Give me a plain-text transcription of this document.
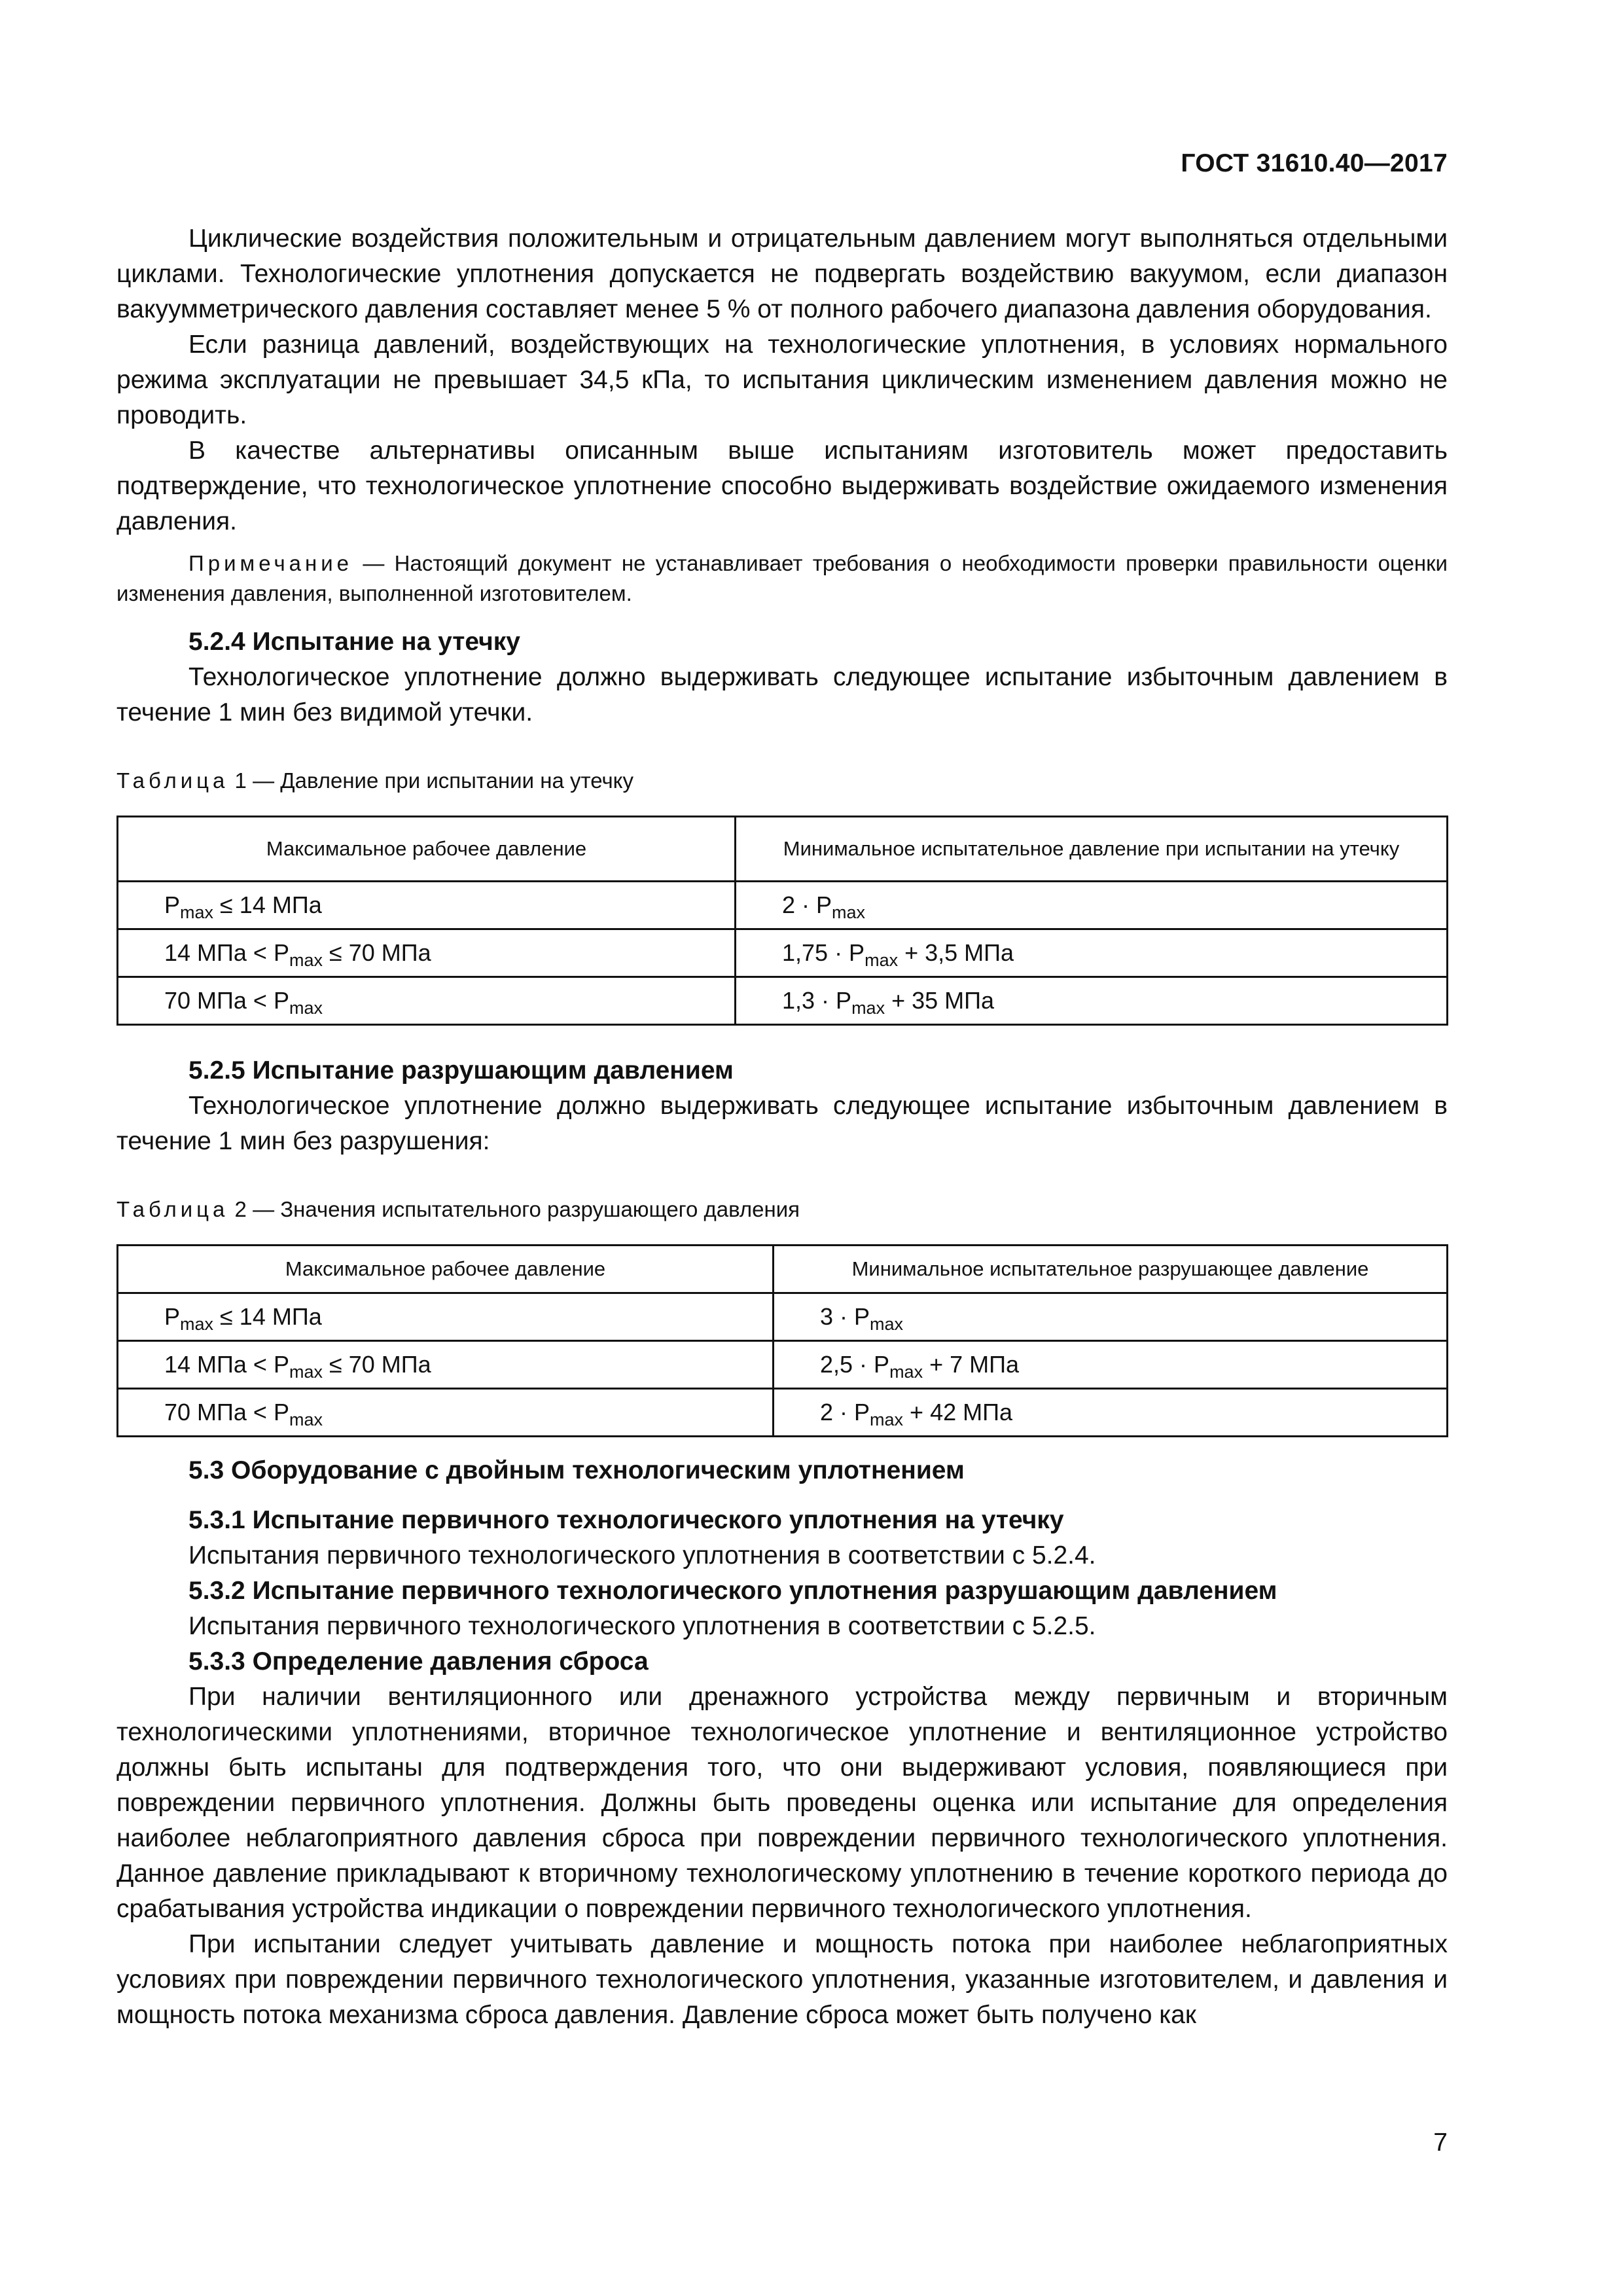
ГОСТ 31610.40—2017

Циклические воздействия положительным и отрицательным давлением могут выполняться отдельными циклами. Технологические уплотнения допускается не подвергать воздействию вакуумом, если диапазон вакуумметрического давления составляет менее 5 % от полного рабочего диапазона давления оборудования.

Если разница давлений, воздействующих на технологические уплотнения, в условиях нормального режима эксплуатации не превышает 34,5 кПа, то испытания циклическим изменением давления можно не проводить.

В качестве альтернативы описанным выше испытаниям изготовитель может предоставить подтверждение, что технологическое уплотнение способно выдерживать воздействие ожидаемого изменения давления.

Примечание — Настоящий документ не устанавливает требования о необходимости проверки правильности оценки изменения давления, выполненной изготовителем.
5.2.4 Испытание на утечку

Технологическое уплотнение должно выдерживать следующее испытание избыточным давлением в течение 1 мин без видимой утечки.

Таблица 1 — Давление при испытании на утечку
Максимальное рабочее давление	Минимальное испытательное давление при испытании на утечку
$P_{max} \le 14$ МПа	$2 \cdot P_{max}$
14 МПа < $P_{max} \le 70$ МПа	$1,75 \cdot P_{max} + 3,5$ МПа
70 МПа < $P_{max}$	$1,3 \cdot P_{max} + 35$ МПа
5.2.5 Испытание разрушающим давлением

Технологическое уплотнение должно выдерживать следующее испытание избыточным давлением в течение 1 мин без разрушения:

Таблица 2 — Значения испытательного разрушающего давления
Максимальное рабочее давление	Минимальное испытательное разрушающее давление
$P_{max} \le 14$ МПа	$3 \cdot P_{max}$
14 МПа < $P_{max} \le 70$ МПа	$2,5 \cdot P_{max} + 7$ МПа
70 МПа < $P_{max}$	$2 \cdot P_{max} + 42$ МПа
5.3 Оборудование с двойным технологическим уплотнением
5.3.1 Испытание первичного технологического уплотнения на утечку

Испытания первичного технологического уплотнения в соответствии с 5.2.4.

5.3.2 Испытание первичного технологического уплотнения разрушающим давлением

Испытания первичного технологического уплотнения в соответствии с 5.2.5.

5.3.3 Определение давления сброса

При наличии вентиляционного или дренажного устройства между первичным и вторичным технологическими уплотнениями, вторичное технологическое уплотнение и вентиляционное устройство должны быть испытаны для подтверждения того, что они выдерживают условия, появляющиеся при повреждении первичного уплотнения. Должны быть проведены оценка или испытание для определения наиболее неблагоприятного давления сброса при повреждении первичного технологического уплотнения. Данное давление прикладывают к вторичному технологическому уплотнению в течение короткого периода до срабатывания устройства индикации о повреждении первичного технологического уплотнения.

При испытании следует учитывать давление и мощность потока при наиболее неблагоприятных условиях при повреждении первичного технологического уплотнения, указанные изготовителем, и давления и мощность потока механизма сброса давления. Давление сброса может быть получено как

7
